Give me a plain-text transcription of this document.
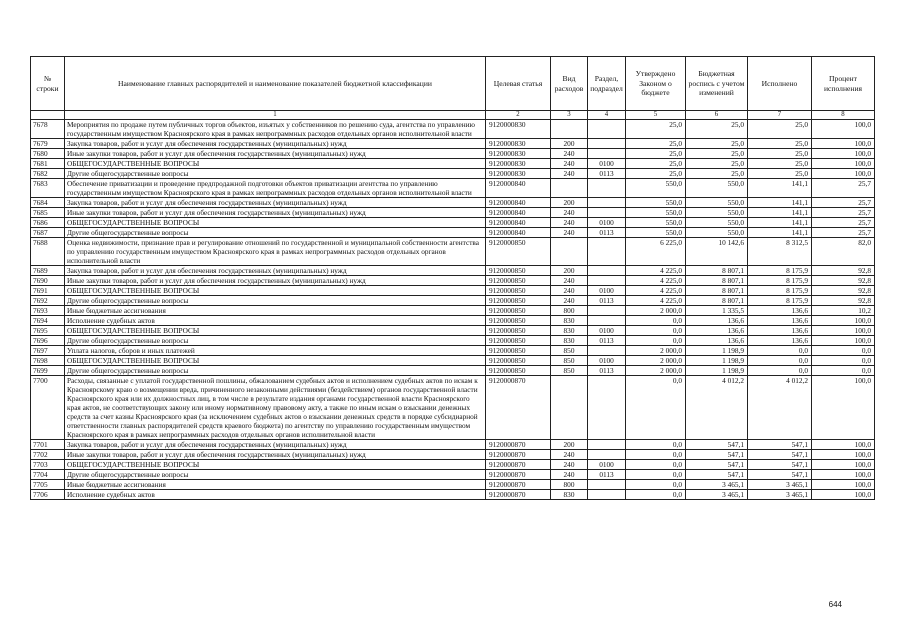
№ строки	Наименование главных распорядителей и наименование показателей бюджетной классификации	Целевая статья	Вид расходов	Раздел, подраздел	Утверждено Законом о бюджете	Бюджетная роспись с учетом изменений	Исполнено	Процент исполнения
	1	2	3	4	5	6	7	8
7678	Мероприятия по продаже путем публичных торгов объектов, изъятых у собственников по решению суда, агентства по управлению государственным имуществом Красноярского края в рамках непрограммных расходов отдельных органов исполнительной власти	9120000830			25,0	25,0	25,0	100,0
7679	Закупка товаров, работ и услуг для обеспечения государственных (муниципальных) нужд	9120000830	200		25,0	25,0	25,0	100,0
7680	Иные закупки товаров, работ и услуг для обеспечения государственных (муниципальных) нужд	9120000830	240		25,0	25,0	25,0	100,0
7681	ОБЩЕГОСУДАРСТВЕННЫЕ ВОПРОСЫ	9120000830	240	0100	25,0	25,0	25,0	100,0
7682	Другие общегосударственные вопросы	9120000830	240	0113	25,0	25,0	25,0	100,0
7683	Обеспечение приватизации и проведение предпродажной подготовки объектов приватизации агентства по управлению государственным имуществом Красноярского края в рамках непрограммных расходов отдельных органов исполнительной власти	9120000840			550,0	550,0	141,1	25,7
7684	Закупка товаров, работ и услуг для обеспечения государственных (муниципальных) нужд	9120000840	200		550,0	550,0	141,1	25,7
7685	Иные закупки товаров, работ и услуг для обеспечения государственных (муниципальных) нужд	9120000840	240		550,0	550,0	141,1	25,7
7686	ОБЩЕГОСУДАРСТВЕННЫЕ ВОПРОСЫ	9120000840	240	0100	550,0	550,0	141,1	25,7
7687	Другие общегосударственные вопросы	9120000840	240	0113	550,0	550,0	141,1	25,7
7688	Оценка недвижимости, признание прав и регулирование отношений по государственной и муниципальной собственности агентства по управлению государственным имуществом Красноярского края в рамках непрограммных расходов отдельных органов исполнительной власти	9120000850			6 225,0	10 142,6	8 312,5	82,0
7689	Закупка товаров, работ и услуг для обеспечения государственных (муниципальных) нужд	9120000850	200		4 225,0	8 807,1	8 175,9	92,8
7690	Иные закупки товаров, работ и услуг для обеспечения государственных (муниципальных) нужд	9120000850	240		4 225,0	8 807,1	8 175,9	92,8
7691	ОБЩЕГОСУДАРСТВЕННЫЕ ВОПРОСЫ	9120000850	240	0100	4 225,0	8 807,1	8 175,9	92,8
7692	Другие общегосударственные вопросы	9120000850	240	0113	4 225,0	8 807,1	8 175,9	92,8
7693	Иные бюджетные ассигнования	9120000850	800		2 000,0	1 335,5	136,6	10,2
7694	Исполнение судебных актов	9120000850	830		0,0	136,6	136,6	100,0
7695	ОБЩЕГОСУДАРСТВЕННЫЕ ВОПРОСЫ	9120000850	830	0100	0,0	136,6	136,6	100,0
7696	Другие общегосударственные вопросы	9120000850	830	0113	0,0	136,6	136,6	100,0
7697	Уплата налогов, сборов и иных платежей	9120000850	850		2 000,0	1 198,9	0,0	0,0
7698	ОБЩЕГОСУДАРСТВЕННЫЕ ВОПРОСЫ	9120000850	850	0100	2 000,0	1 198,9	0,0	0,0
7699	Другие общегосударственные вопросы	9120000850	850	0113	2 000,0	1 198,9	0,0	0,0
7700	Расходы, связанные с уплатой государственной пошлины, обжалованием судебных актов и исполнением судебных актов по искам к Красноярскому краю о возмещении вреда, причиненного незаконными действиями (бездействием) органов государственной власти Красноярского края или их должностных лиц, в том числе в результате издания органами государственной власти Красноярского края актов, не соответствующих закону или иному нормативному правовому акту, а также по иным искам о взыскании денежных средств за счет казны Красноярского края (за исключением судебных актов о взыскании денежных средств в порядке субсидиарной ответственности главных распорядителей средств краевого бюджета) по агентству по управлению государственным имуществом Красноярского края в рамках непрограммных расходов отдельных органов исполнительной власти	9120000870			0,0	4 012,2	4 012,2	100,0
7701	Закупка товаров, работ и услуг для обеспечения государственных (муниципальных) нужд	9120000870	200		0,0	547,1	547,1	100,0
7702	Иные закупки товаров, работ и услуг для обеспечения государственных (муниципальных) нужд	9120000870	240		0,0	547,1	547,1	100,0
7703	ОБЩЕГОСУДАРСТВЕННЫЕ ВОПРОСЫ	9120000870	240	0100	0,0	547,1	547,1	100,0
7704	Другие общегосударственные вопросы	9120000870	240	0113	0,0	547,1	547,1	100,0
7705	Иные бюджетные ассигнования	9120000870	800		0,0	3 465,1	3 465,1	100,0
7706	Исполнение судебных актов	9120000870	830		0,0	3 465,1	3 465,1	100,0
644
